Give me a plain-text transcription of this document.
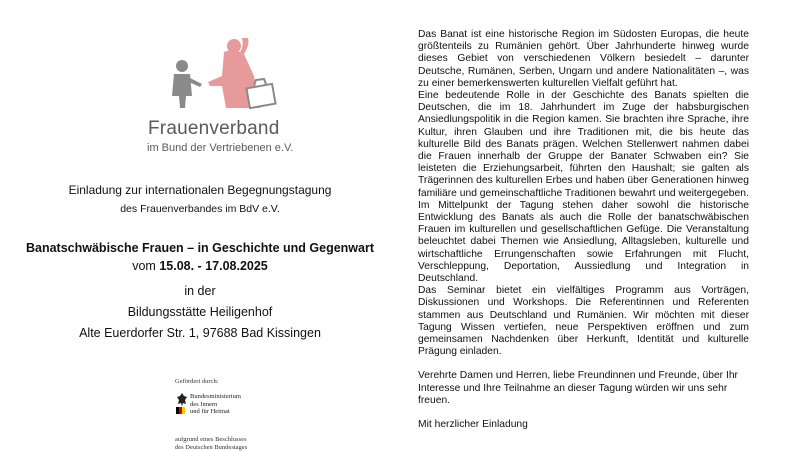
Frauenverband
im Bund der Vertriebenen e.V.
Einladung zur internationalen Begegnungstagung
des Frauenverbandes im BdV e.V.
Banatschwäbische Frauen – in Geschichte und Gegenwart
vom 15.08. - 17.08.2025
in der
Bildungsstätte Heiligenhof
Alte Euerdorfer Str. 1, 97688 Bad Kissingen
Gefördert durch:
Bundesministerium
des Innern
und für Heimat
aufgrund eines Beschlusses
des Deutschen Bundestages

Das Banat ist eine historische Region im Südosten Europas, die heute größtenteils zu Rumänien gehört. Über Jahrhunderte hinweg wurde dieses Gebiet von verschiedenen Völkern besiedelt – darunter Deutsche, Rumänen, Serben, Ungarn und andere Nationalitäten –, was zu einer bemerkenswerten kulturellen Vielfalt geführt hat.

Eine bedeutende Rolle in der Geschichte des Banats spielten die Deutschen, die im 18. Jahrhundert im Zuge der habsburgischen Ansiedlungspolitik in die Region kamen. Sie brachten ihre Sprache, ihre Kultur, ihren Glauben und ihre Traditionen mit, die bis heute das kulturelle Bild des Banats prägen. Welchen Stellenwert nahmen dabei die Frauen innerhalb der Gruppe der Banater Schwaben ein? Sie leisteten die Erziehungsarbeit, führten den Haushalt; sie galten als Trägerinnen des kulturellen Erbes und haben über Generationen hinweg familiäre und gemeinschaftliche Traditionen bewahrt und weitergegeben.

Im Mittelpunkt der Tagung stehen daher sowohl die historische Entwicklung des Banats als auch die Rolle der banatschwäbischen Frauen im kulturellen und gesellschaftlichen Gefüge. Die Veranstaltung beleuchtet dabei Themen wie Ansiedlung, Alltagsleben, kulturelle und wirtschaftliche Errungenschaften sowie Erfahrungen mit Flucht, Verschleppung, Deportation, Aussiedlung und Integration in Deutschland.

Das Seminar bietet ein vielfältiges Programm aus Vorträgen, Diskussionen und Workshops. Die Referentinnen und Referenten stammen aus Deutschland und Rumänien. Wir möchten mit dieser Tagung Wissen vertiefen, neue Perspektiven eröffnen und zum gemeinsamen Nachdenken über Herkunft, Identität und kulturelle Prägung einladen.

Verehrte Damen und Herren, liebe Freundinnen und Freunde, über Ihr Interesse und Ihre Teilnahme an dieser Tagung würden wir uns sehr freuen.

Mit herzlicher Einladung
